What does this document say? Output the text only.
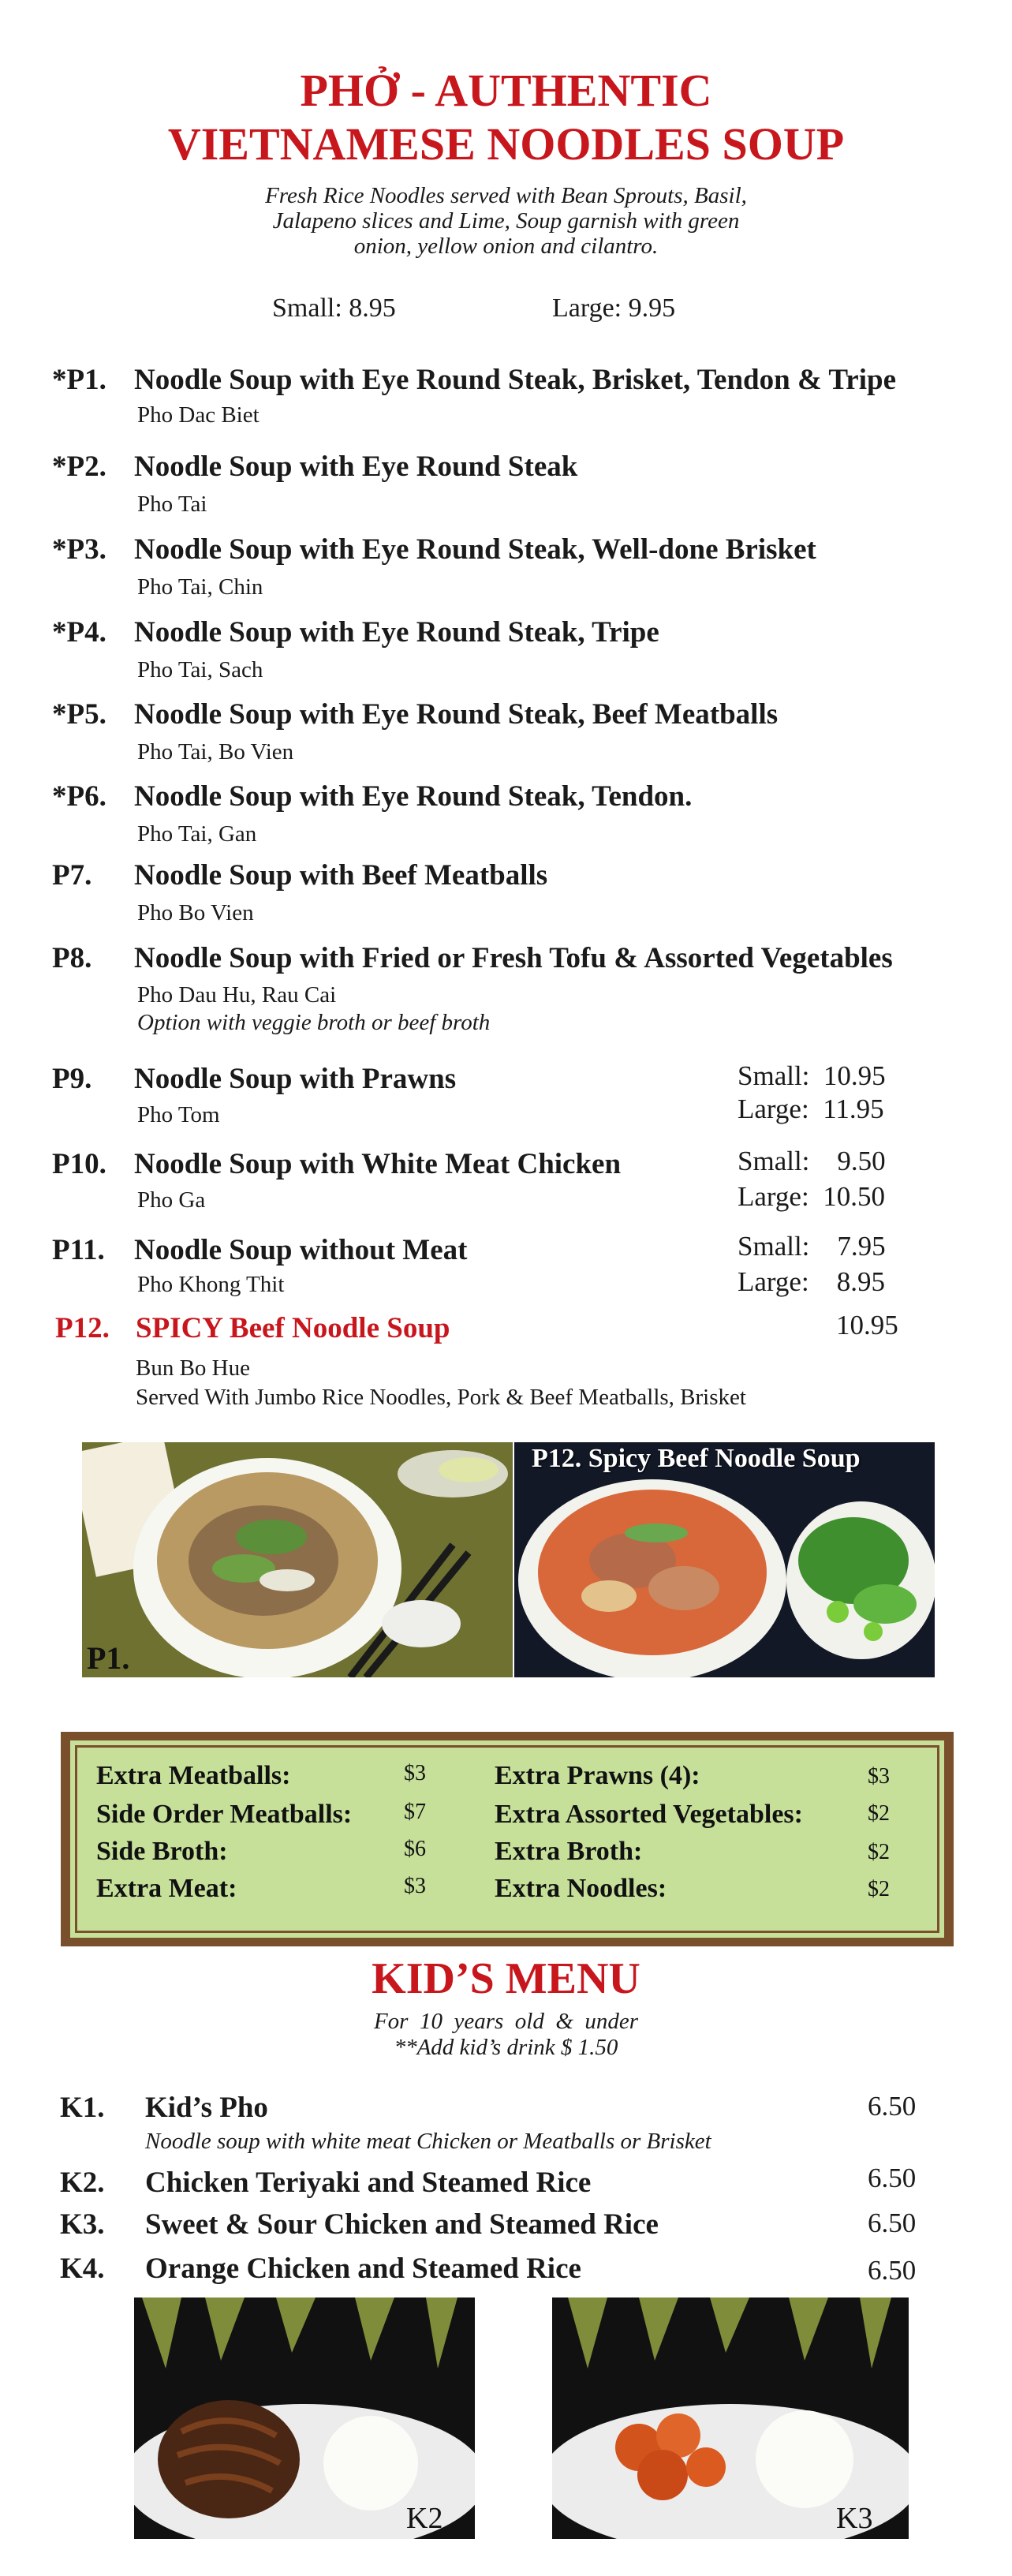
PHỞ - AUTHENTIC
VIETNAMESE NOODLES SOUP
Fresh Rice Noodles served with Bean Sprouts, Basil,
Jalapeno slices and Lime, Soup garnish with green
onion, yellow onion and cilantro.
Small: 8.95	Large: 9.95
*P1. Noodle Soup with Eye Round Steak, Brisket, Tendon & Tripe
Pho Dac Biet
*P2. Noodle Soup with Eye Round Steak
Pho Tai
*P3. Noodle Soup with Eye Round Steak, Well-done Brisket
Pho Tai, Chin
*P4. Noodle Soup with Eye Round Steak, Tripe
Pho Tai, Sach
*P5. Noodle Soup with Eye Round Steak, Beef Meatballs
Pho Tai, Bo Vien
*P6. Noodle Soup with Eye Round Steak, Tendon.
Pho Tai, Gan
P7. Noodle Soup with Beef Meatballs
Pho Bo Vien
P8. Noodle Soup with Fried or Fresh Tofu & Assorted Vegetables
Pho Dau Hu, Rau Cai
Option with veggie broth or beef broth
P9. Noodle Soup with Prawns
Pho Tom
Small:  10.95
Large:  11.95
P10. Noodle Soup with White Meat Chicken
Pho Ga
Small:    9.50
Large:  10.50
P11. Noodle Soup without Meat
Pho Khong Thit
Small:    7.95
Large:    8.95
P12. SPICY Beef Noodle Soup	10.95
Bun Bo Hue
Served With Jumbo Rice Noodles, Pork & Beef Meatballs, Brisket
P1.
P12. Spicy Beef Noodle Soup
Extra Meatballs:	$3
Side Order Meatballs: $7
Side Broth:	$6
Extra Meat:	$3
Extra Prawns (4):	$3
Extra Assorted Vegetables:	$2
Extra Broth:	$2
Extra Noodles:	$2
KID’S MENU
For  10  years  old  &  under
**Add kid’s drink $ 1.50
K1. Kid’s Pho	6.50
Noodle soup with white meat Chicken or Meatballs or Brisket
K2. Chicken Teriyaki and Steamed Rice	6.50
K3. Sweet & Sour Chicken and Steamed Rice	6.50
K4. Orange Chicken and Steamed Rice	6.50
K2	K3
